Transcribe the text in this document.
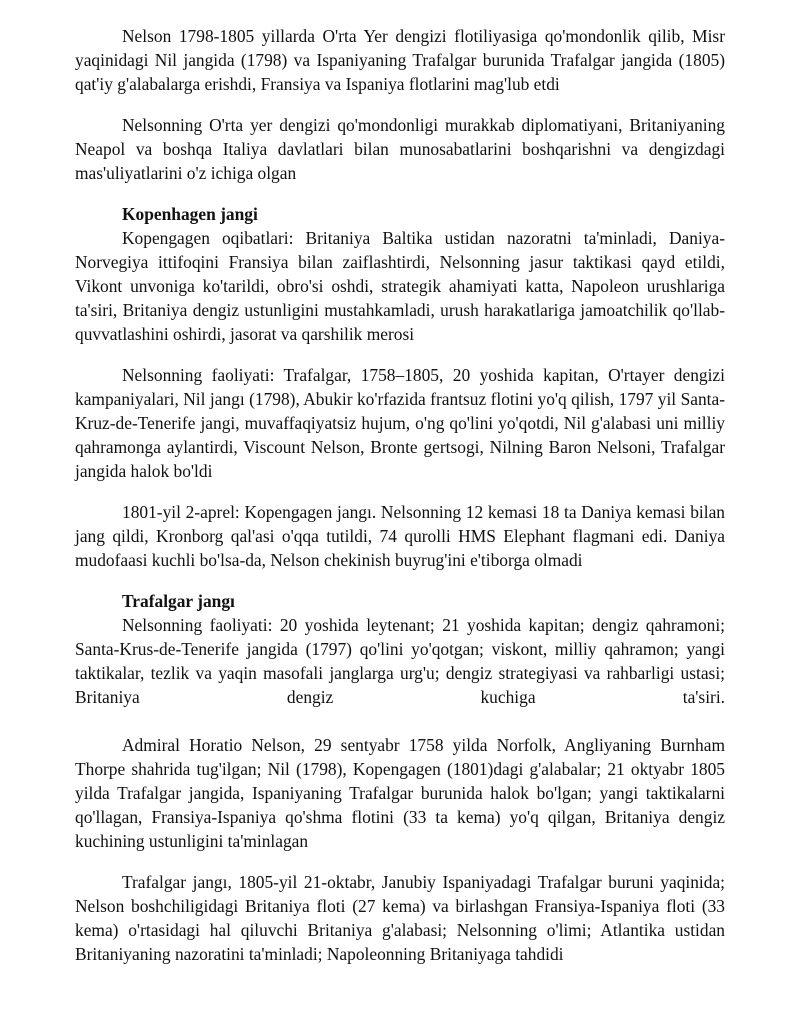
Nelson 1798-1805 yillarda O'rta Yer dengizi flotiliyasiga qo'mondonlik qilib, Misr yaqinidagi Nil jangida (1798) va Ispaniyaning Trafalgar burunida Trafalgar jangida (1805) qat'iy g'alabalarga erishdi, Fransiya va Ispaniya flotlarini mag'lub etdi

Nelsonning O'rta yer dengizi qo'mondonligi murakkab diplomatiyani, Britaniyaning Neapol va boshqa Italiya davlatlari bilan munosabatlarini boshqarishni va dengizdagi mas'uliyatlarini o'z ichiga olgan

Kopenhagen jangi

Kopengagen oqibatlari: Britaniya Baltika ustidan nazoratni ta'minladi, Daniya-Norvegiya ittifoqini Fransiya bilan zaiflashtirdi, Nelsonning jasur taktikasi qayd etildi, Vikont unvoniga ko'tarildi, obro'si oshdi, strategik ahamiyati katta, Napoleon urushlariga ta'siri, Britaniya dengiz ustunligini mustahkamladi, urush harakatlariga jamoatchilik qo'llab-quvvatlashini oshirdi, jasorat va qarshilik merosi

Nelsonning faoliyati: Trafalgar, 1758–1805, 20 yoshida kapitan, O'rtayer dengizi kampaniyalari, Nil jangı (1798), Abukir ko'rfazida frantsuz flotini yo'q qilish, 1797 yil Santa-Kruz-de-Tenerife jangi, muvaffaqiyatsiz hujum, o'ng qo'lini yo'qotdi, Nil g'alabasi uni milliy qahramonga aylantirdi, Viscount Nelson, Bronte gertsogi, Nilning Baron Nelsoni, Trafalgar jangida halok bo'ldi

1801-yil 2-aprel: Kopengagen jangı. Nelsonning 12 kemasi 18 ta Daniya kemasi bilan jang qildi, Kronborg qal'asi o'qqa tutildi, 74 qurolli HMS Elephant flagmani edi. Daniya mudofaasi kuchli bo'lsa-da, Nelson chekinish buyrug'ini e'tiborga olmadi

Trafalgar jangı

Nelsonning faoliyati: 20 yoshida leytenant; 21 yoshida kapitan; dengiz qahramoni; Santa-Krus-de-Tenerife jangida (1797) qo'lini yo'qotgan; viskont, milliy qahramon; yangi taktikalar, tezlik va yaqin masofali janglarga urg'u; dengiz strategiyasi va rahbarligi ustasi; Britaniya dengiz kuchiga ta'siri.

Admiral Horatio Nelson, 29 sentyabr 1758 yilda Norfolk, Angliyaning Burnham Thorpe shahrida tug'ilgan; Nil (1798), Kopengagen (1801)dagi g'alabalar; 21 oktyabr 1805 yilda Trafalgar jangida, Ispaniyaning Trafalgar burunida halok bo'lgan; yangi taktikalarni qo'llagan, Fransiya-Ispaniya qo'shma flotini (33 ta kema) yo'q qilgan, Britaniya dengiz kuchining ustunligini ta'minlagan

Trafalgar jangı, 1805-yil 21-oktabr, Janubiy Ispaniyadagi Trafalgar buruni yaqinida; Nelson boshchiligidagi Britaniya floti (27 kema) va birlashgan Fransiya-Ispaniya floti (33 kema) o'rtasidagi hal qiluvchi Britaniya g'alabasi; Nelsonning o'limi; Atlantika ustidan Britaniyaning nazoratini ta'minladi; Napoleonning Britaniyaga tahdidi
